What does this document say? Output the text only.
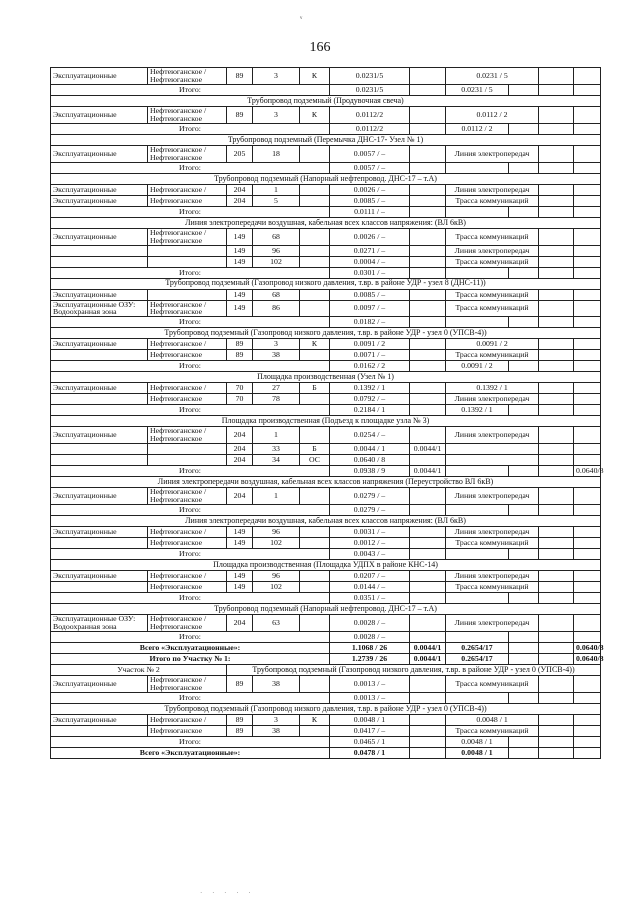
ᵛ
166
Эксплуатационные	Нефтеюганское / Нефтеюганское	89	3	К	0.0231/5		0.0231 / 5				
Итого:					0.0231/5		0.0231 / 5				
Трубопровод подземный (Продувочная свеча)											
Эксплуатационные	Нефтеюганское / Нефтеюганское	89	3	К	0.0112/2		0.0112 / 2				
Итого:					0.0112/2		0.0112 / 2				
Трубопровод подземный (Перемычка ДНС-17- Узел № 1)											
Эксплуатационные	Нефтеюганское / Нефтеюганское	205	18		0.0057 / –		Линия электропередач				
Итого:					0.0057 / –						
Трубопровод подземный (Напорный нефтепровод. ДНС-17 – т.А)											
Эксплуатационные	Нефтеюганское /	204	1		0.0026 / –		Линия электропередач				
Эксплуатационные	Нефтеюганское	204	5		0.0085 / –		Трасса коммуникаций				
Итого:					0.0111 / –						
Линия электропередачи воздушная, кабельная всех классов напряжения: (ВЛ 6кВ)											
Эксплуатационные	Нефтеюганское / Нефтеюганское	149	68		0.0026 / –		Трасса коммуникаций				
		149	96		0.0271 / –		Линия электропередач				
		149	102		0.0004 / –		Трасса коммуникаций				
Итого:					0.0301 / –						
Трубопровод подземный (Газопровод низкого давления, т.вр. в районе УДР - узел 8 (ДНС-11))											
Эксплуатационные		149	68		0.0085 / –		Трасса коммуникаций				
Эксплуатационные ОЗУ: Водоохранная зона	Нефтеюганское / Нефтеюганское	149	86		0.0097 / –		Трасса коммуникаций				
Итого:					0.0182 / –						
Трубопровод подземный (Газопровод низкого давления, т.вр. в районе УДР - узел 0 (УПСВ-4))											
Эксплуатационные	Нефтеюганское /	89	3	К	0.0091 / 2		0.0091 / 2				
	Нефтеюганское	89	38		0.0071 / –		Трасса коммуникаций				
Итого:					0.0162 / 2		0.0091 / 2				
Площадка производственная (Узел № 1)											
Эксплуатационные	Нефтеюганское /	70	27	Б	0.1392 / 1		0.1392 / 1				
	Нефтеюганское	70	78		0.0792 / –		Линия электропередач				
Итого:					0.2184 / 1		0.1392 / 1				
Площадка производственная (Подъезд к площадке узла № 3)											
Эксплуатационные	Нефтеюганское / Нефтеюганское	204	1		0.0254 / –		Линия электропередач				
		204	33	Б	0.0044 / 1	0.0044/1					
		204	34	ОС	0.0640 / 8					
Итого:					0.0938 / 9	0.0044/1				0.0640/8	
Линия электропередачи воздушная, кабельная всех классов напряжения (Переустройство ВЛ 6кВ)											
Эксплуатационные	Нефтеюганское / Нефтеюганское	204	1		0.0279 / –		Линия электропередач				
Итого:					0.0279 / –						
Линия электропередачи воздушная, кабельная всех классов напряжения: (ВЛ 6кВ)											
Эксплуатационные	Нефтеюганское /	149	96		0.0031 / –		Линия электропередач				
	Нефтеюганское	149	102		0.0012 / –		Трасса коммуникаций				
Итого:					0.0043 / –						
Площадка производственная (Площадка УДПХ в районе КНС-14)											
Эксплуатационные	Нефтеюганское /	149	96		0.0207 / –		Линия электропередач				
	Нефтеюганское	149	102		0.0144 / –		Трасса коммуникаций				
Итого:					0.0351 / –						
Трубопровод подземный (Напорный нефтепровод. ДНС-17 – т.А)											
Эксплуатационные ОЗУ: Водоохранная зона	Нефтеюганское / Нефтеюганское	204	63		0.0028 / –		Линия электропередач				
Итого:					0.0028 / –						
Всего «Эксплуатационные»:					1.1068 / 26	0.0044/1	0.2654/17			0.0640/8	
Итого по Участку № 1:					1.2739 / 26	0.0044/1	0.2654/17			0.0640/8	
Участок № 2		Трубопровод подземный (Газопровод низкого давления, т.вр. в районе УДР - узел 0 (УПСВ-4))									
Эксплуатационные	Нефтеюганское / Нефтеюганское	89	38		0.0013 / –		Трасса коммуникаций				
Итого:					0.0013 / –						
Трубопровод подземный (Газопровод низкого давления, т.вр. в районе УДР - узел 0 (УПСВ-4))											
Эксплуатационные	Нефтеюганское /	89	3	К	0.0048 / 1		0.0048 / 1				
	Нефтеюганское	89	38		0.0417 / –		Трасса коммуникаций				
Итого:					0.0465 / 1		0.0048 / 1				
Всего «Эксплуатационные»:					0.0478 / 1		0.0048 / 1				
· · · · ·
